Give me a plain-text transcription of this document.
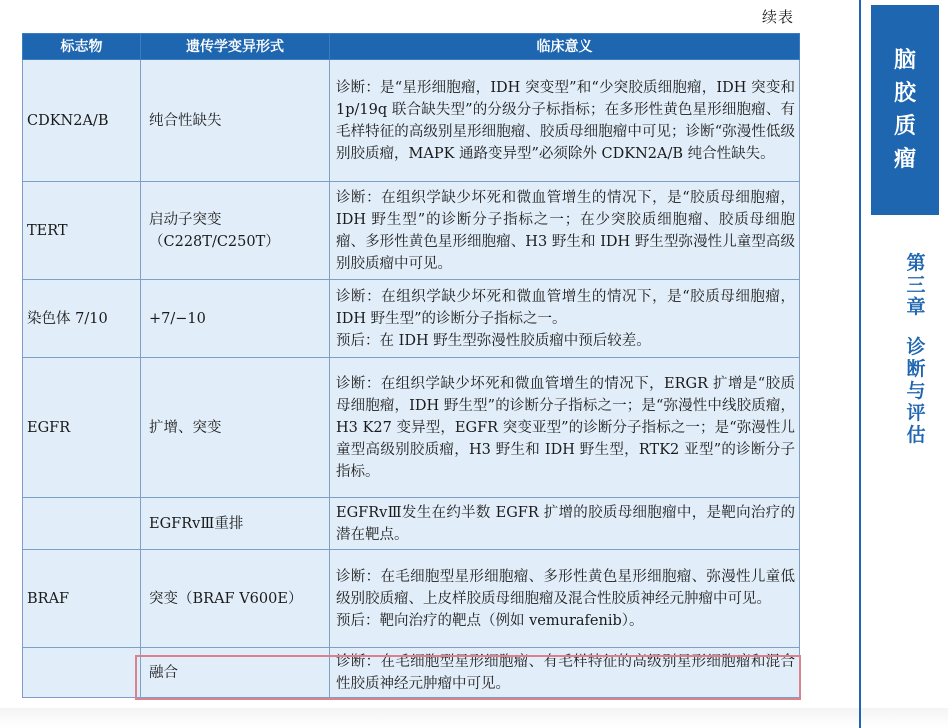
续表
标志物	遗传学变异形式	临床意义
CDKN2A/B	纯合性缺失	诊断：是“星形细胞瘤，IDH 突变型”和“少突胶质细胞瘤，IDH 突变和 1p/19q 联合缺失型”的分级分子标指标；在多形性黄色星形细胞瘤、有毛样特征的高级别星形细胞瘤、胶质母细胞瘤中可见；诊断“弥漫性低级别胶质瘤，MAPK 通路变异型”必须除外 CDKN2A/B 纯合性缺失。
TERT	启动子突变（C228T/C250T）	诊断：在组织学缺少坏死和微血管增生的情况下，是“胶质母细胞瘤，IDH 野生型”的诊断分子指标之一；在少突胶质细胞瘤、胶质母细胞瘤、多形性黄色星形细胞瘤、H3 野生和 IDH 野生型弥漫性儿童型高级别胶质瘤中可见。
染色体 7/10	+7/−10	诊断：在组织学缺少坏死和微血管增生的情况下，是“胶质母细胞瘤，IDH 野生型”的诊断分子指标之一。
预后：在 IDH 野生型弥漫性胶质瘤中预后较差。
EGFR	扩增、突变	诊断：在组织学缺少坏死和微血管增生的情况下，ERGR 扩增是“胶质母细胞瘤，IDH 野生型”的诊断分子指标之一；是“弥漫性中线胶质瘤，H3 K27 变异型，EGFR 突变亚型”的诊断分子指标之一；是“弥漫性儿童型高级别胶质瘤，H3 野生和 IDH 野生型，RTK2 亚型”的诊断分子指标。
	EGFRvⅢ重排	EGFRvⅢ发生在约半数 EGFR 扩增的胶质母细胞瘤中，是靶向治疗的潜在靶点。
BRAF	突变（BRAF V600E）	诊断：在毛细胞型星形细胞瘤、多形性黄色星形细胞瘤、弥漫性儿童低级别胶质瘤、上皮样胶质母细胞瘤及混合性胶质神经元肿瘤中可见。
预后：靶向治疗的靶点（例如 vemurafenib）。
	融合	诊断：在毛细胞型星形细胞瘤、有毛样特征的高级别星形细胞瘤和混合性胶质神经元肿瘤中可见。
脑
胶
质
瘤
第
三
章
诊
断
与
评
估
